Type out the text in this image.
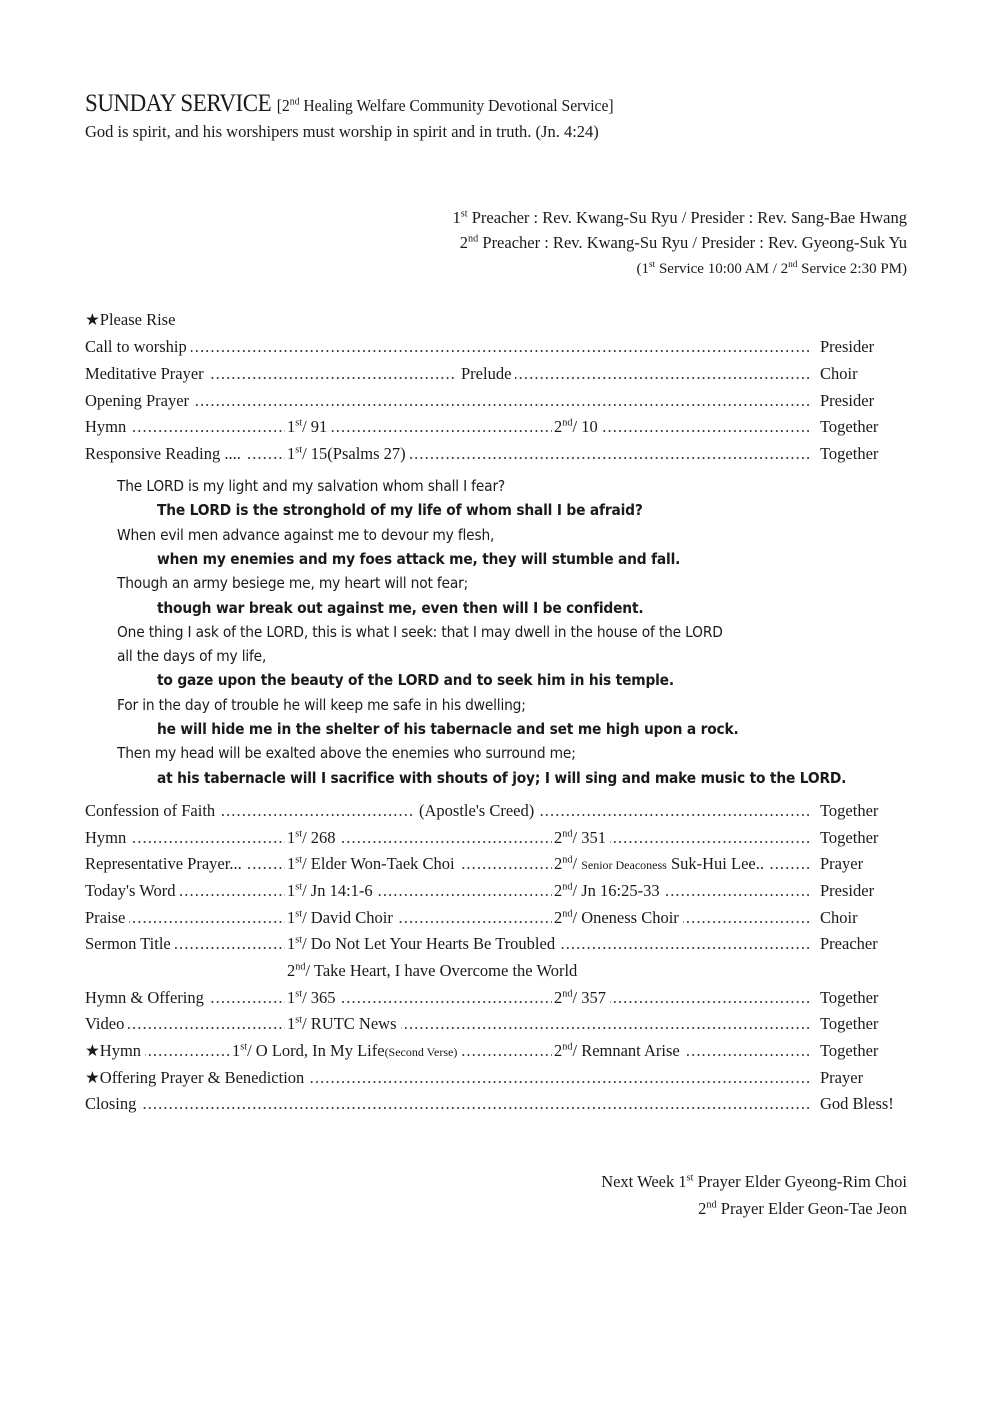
SUNDAY SERVICE [2nd Healing Welfare Community Devotional Service]
God is spirit, and his worshipers must worship in spirit and in truth. (Jn. 4:24)
1st Preacher : Rev. Kwang-Su Ryu / Presider : Rev. Sang-Bae Hwang
2nd Preacher : Rev. Kwang-Su Ryu / Presider : Rev. Gyeong-Suk Yu
(1st Service 10:00 AM / 2nd Service 2:30 PM)
★Please Rise
.....
Call to worship	Presider
.....
Meditative Prayer	Prelude	Choir
.....
Opening Prayer	Presider
.....
Hymn	1st/ 91	2nd/ 10	Together
.....
Responsive Reading ....	1st/ 15(Psalms 27)	Together
The LORD is my light and my salvation whom shall I fear?
The LORD is the stronghold of my life of whom shall I be afraid?
When evil men advance against me to devour my flesh,
when my enemies and my foes attack me, they will stumble and fall.
Though an army besiege me, my heart will not fear;
though war break out against me, even then will I be confident.
One thing I ask of the LORD, this is what I seek: that I may dwell in the house of the LORD
all the days of my life,
to gaze upon the beauty of the LORD and to seek him in his temple.
For in the day of trouble he will keep me safe in his dwelling;
he will hide me in the shelter of his tabernacle and set me high upon a rock.
Then my head will be exalted above the enemies who surround me;
at his tabernacle will I sacrifice with shouts of joy; I will sing and make music to the LORD.
.....
Confession of Faith	(Apostle's Creed)	Together
.....
Hymn	1st/ 268	2nd/ 351	Together
.....
Representative Prayer...	1st/ Elder Won-Taek Choi	2nd/ Senior Deaconess Suk-Hui Lee..	Prayer
.....
Today's Word	1st/ Jn 14:1-6	2nd/ Jn 16:25-33	Presider
.....
Praise	1st/ David Choir	2nd/ Oneness Choir	Choir
.....
Sermon Title	1st/ Do Not Let Your Hearts Be Troubled	Preacher
2nd/ Take Heart, I have Overcome the World
.....
Hymn & Offering	1st/ 365	2nd/ 357	Together
.....
Video	1st/ RUTC News	Together
.....
★Hymn	1st/ O Lord, In My Life(Second Verse)	2nd/ Remnant Arise	Together
.....
★Offering Prayer & Benediction	Prayer
.....
Closing	God Bless!
Next Week 1st Prayer Elder Gyeong-Rim Choi
2nd Prayer Elder Geon-Tae Jeon
